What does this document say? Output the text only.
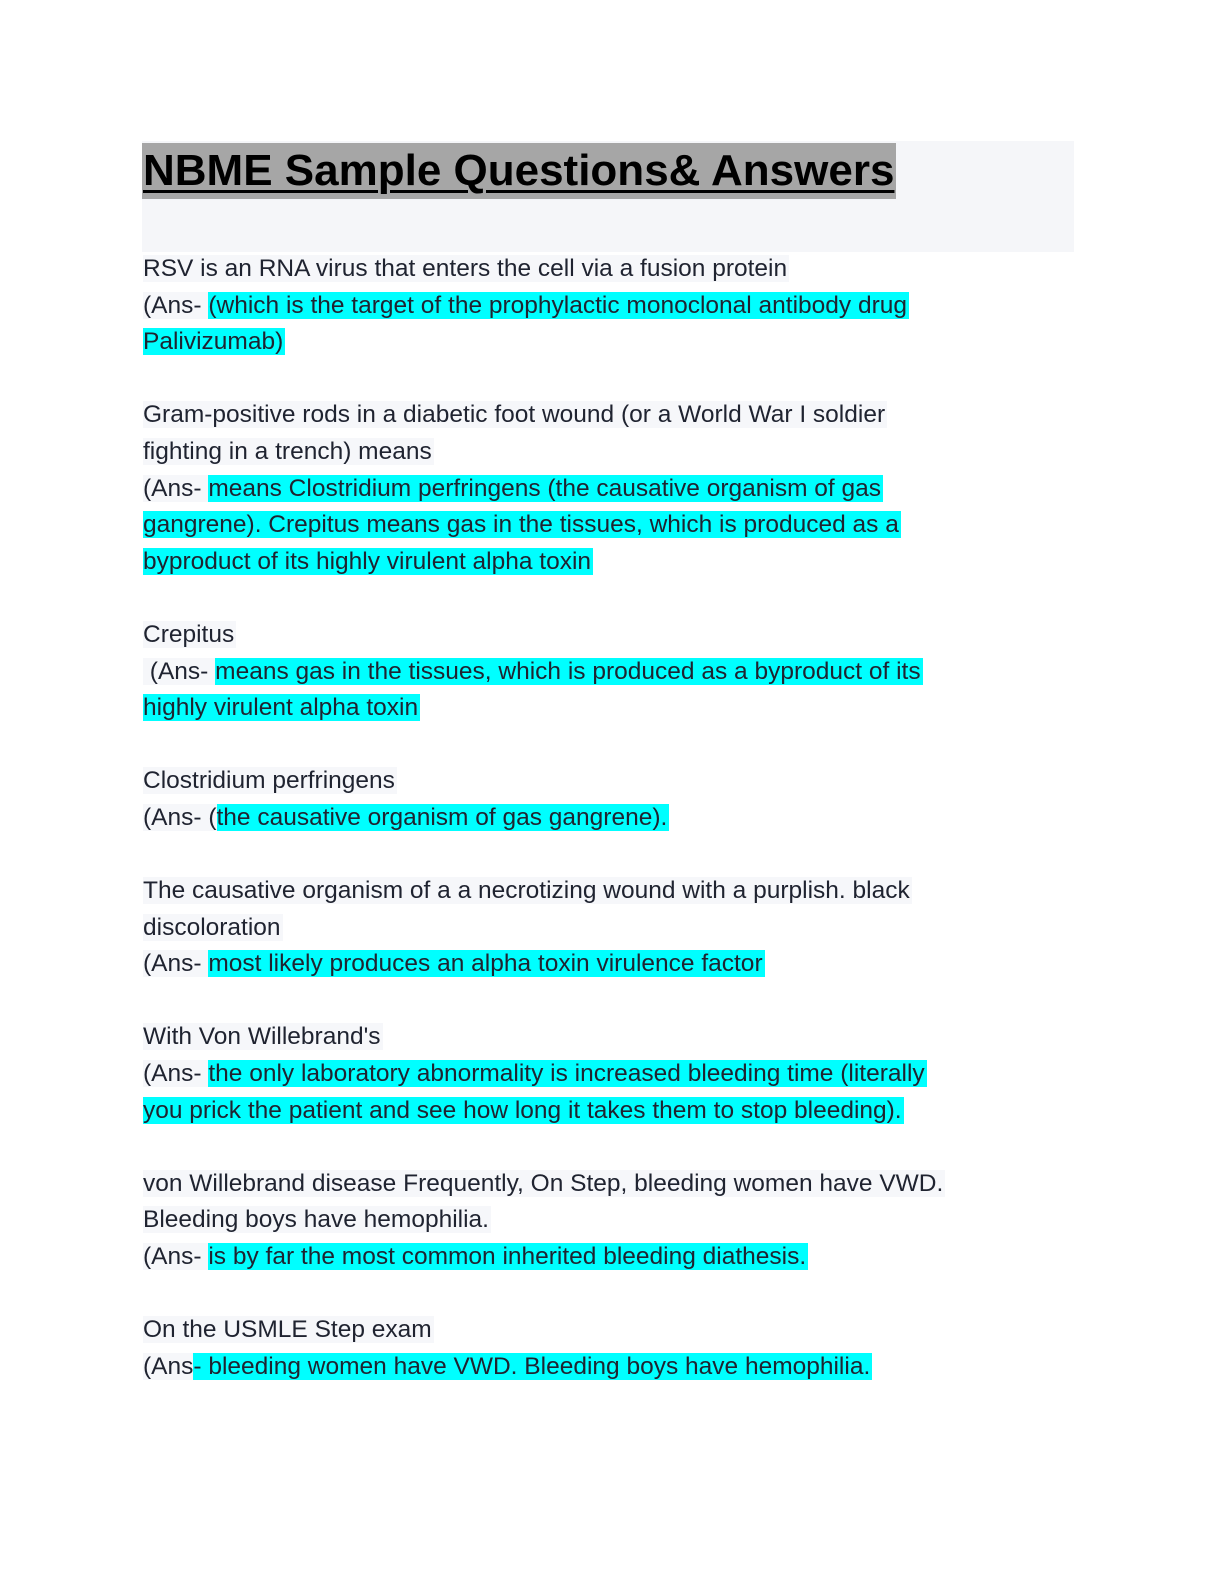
NBME Sample Questions& Answers
RSV is an RNA virus that enters the cell via a fusion protein
(Ans- (which is the target of the prophylactic monoclonal antibody drug
Palivizumab)
Gram-positive rods in a diabetic foot wound (or a World War I soldier
fighting in a trench) means
(Ans- means Clostridium perfringens (the causative organism of gas
gangrene). Crepitus means gas in the tissues, which is produced as a
byproduct of its highly virulent alpha toxin
Crepitus
(Ans- means gas in the tissues, which is produced as a byproduct of its
highly virulent alpha toxin
Clostridium perfringens
(Ans- (the causative organism of gas gangrene).
The causative organism of a a necrotizing wound with a purplish. black
discoloration
(Ans- most likely produces an alpha toxin virulence factor
With Von Willebrand's
(Ans- the only laboratory abnormality is increased bleeding time (literally
you prick the patient and see how long it takes them to stop bleeding).
von Willebrand disease Frequently, On Step, bleeding women have VWD.
Bleeding boys have hemophilia.
(Ans- is by far the most common inherited bleeding diathesis.
On the USMLE Step exam
(Ans- bleeding women have VWD. Bleeding boys have hemophilia.
